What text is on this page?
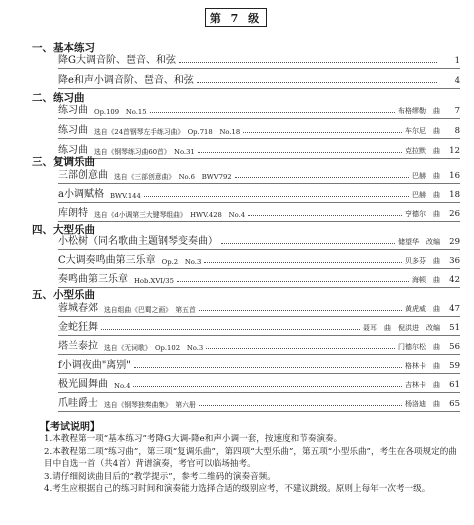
第 7 级
一、基本练习
降G大调音阶、琶音、和弦	1
降e和声小调音阶、琶音、和弦	4
二、练习曲
练习曲 Op.109　No.15	布格缪勒　曲	7
练习曲 选自《24首钢琴左手练习曲》　Op.718　No.18	车尔尼　曲	8
练习曲 选自《钢琴练习曲60首》　No.31	克拉默　曲	12
三、复调乐曲
三部创意曲 选自《三部创意曲》　No.6　BWV792	巴赫　曲	16
a小调赋格 BWV.144	巴赫　曲	18
库朗特 选自《d小调第三大键琴组曲》　HWV.428　No.4	亨德尔　曲	26
四、大型乐曲
小松树（同名歌曲主题钢琴变奏曲）	储望华　改编	29
C大调奏鸣曲第三乐章 Op.2　No.3	贝多芬　曲	36
奏鸣曲第三乐章 Hob.XVI/35	海顿　曲	42
五、小型乐曲
蓉城春郊 选自组曲《巴蜀之画》　第五首	黄虎威　曲	47
金蛇狂舞	聂耳　曲　倪洪进　改编	51
塔兰泰拉 选自《无词歌》　Op.102　No.3	门德尔松　曲	56
f小调夜曲"离别"	格林卡　曲	59
极光圆舞曲 No.4	吉林卡　曲	61
爪哇爵士 选自《钢琴独奏曲集》　第六册	杨洛迪　曲	65
【考试说明】
1.本教程第一项“基本练习”考降G大调-降e和声小调一套，按速度和节奏演奏。
2.本教程第二项“练习曲”，第三项“复调乐曲”，第四项“大型乐曲”，第五项“小型乐曲”，考生在各项规定的曲目中自选一首（共4首）背谱演奏，考官可以临场抽考。
3.请仔细阅读曲目后的“教学提示”，参考二维码的演奏音频。
4.考生应根据自己的练习时间和演奏能力选择合适的级别应考，不建议跳级。原则上每年一次考一级。
